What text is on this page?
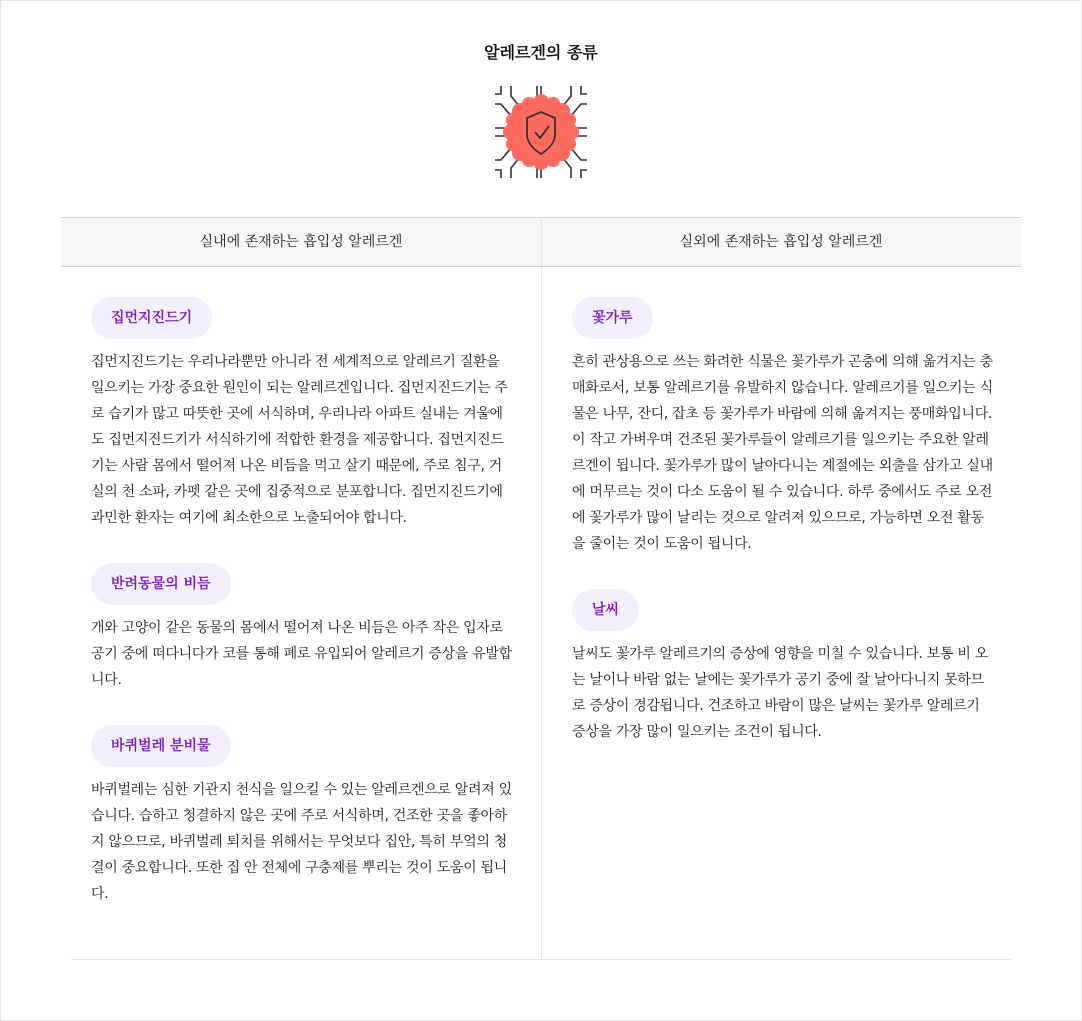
알레르겐의 종류
실내에 존재하는 흡입성 알레르겐	실외에 존재하는 흡입성 알레르겐
집먼지진드기

집먼지진드기는 우리나라뿐만 아니라 전 세계적으로 알레르기 질환을 일으키는 가장 중요한 원인이 되는 알레르겐입니다. 집먼지진드기는 주로 습기가 많고 따뜻한 곳에 서식하며, 우리나라 아파트 실내는 겨울에도 집먼지진드기가 서식하기에 적합한 환경을 제공합니다. 집먼지진드기는 사람 몸에서 떨어져 나온 비듬을 먹고 살기 때문에, 주로 침구, 거실의 천 소파, 카펫 같은 곳에 집중적으로 분포합니다. 집먼지진드기에 과민한 환자는 여기에 최소한으로 노출되어야 합니다.

반려동물의 비듬

개와 고양이 같은 동물의 몸에서 떨어져 나온 비듬은 아주 작은 입자로 공기 중에 떠다니다가 코를 통해 폐로 유입되어 알레르기 증상을 유발합니다.

바퀴벌레 분비물

바퀴벌레는 심한 기관지 천식을 일으킬 수 있는 알레르겐으로 알려져 있습니다. 습하고 청결하지 않은 곳에 주로 서식하며, 건조한 곳을 좋아하지 않으므로, 바퀴벌레 퇴치를 위해서는 무엇보다 집안, 특히 부엌의 청결이 중요합니다. 또한 집 안 전체에 구충제를 뿌리는 것이 도움이 됩니다.

꽃가루

흔히 관상용으로 쓰는 화려한 식물은 꽃가루가 곤충에 의해 옮겨지는 충매화로서, 보통 알레르기를 유발하지 않습니다. 알레르기를 일으키는 식물은 나무, 잔디, 잡초 등 꽃가루가 바람에 의해 옮겨지는 풍매화입니다. 이 작고 가벼우며 건조된 꽃가루들이 알레르기를 일으키는 주요한 알레르겐이 됩니다. 꽃가루가 많이 날아다니는 계절에는 외출을 삼가고 실내에 머무르는 것이 다소 도움이 될 수 있습니다. 하루 중에서도 주로 오전에 꽃가루가 많이 날리는 것으로 알려져 있으므로, 가능하면 오전 활동을 줄이는 것이 도움이 됩니다.

날씨

날씨도 꽃가루 알레르기의 증상에 영향을 미칠 수 있습니다. 보통 비 오는 날이나 바람 없는 날에는 꽃가루가 공기 중에 잘 날아다니지 못하므로 증상이 경감됩니다. 건조하고 바람이 많은 날씨는 꽃가루 알레르기 증상을 가장 많이 일으키는 조건이 됩니다.
